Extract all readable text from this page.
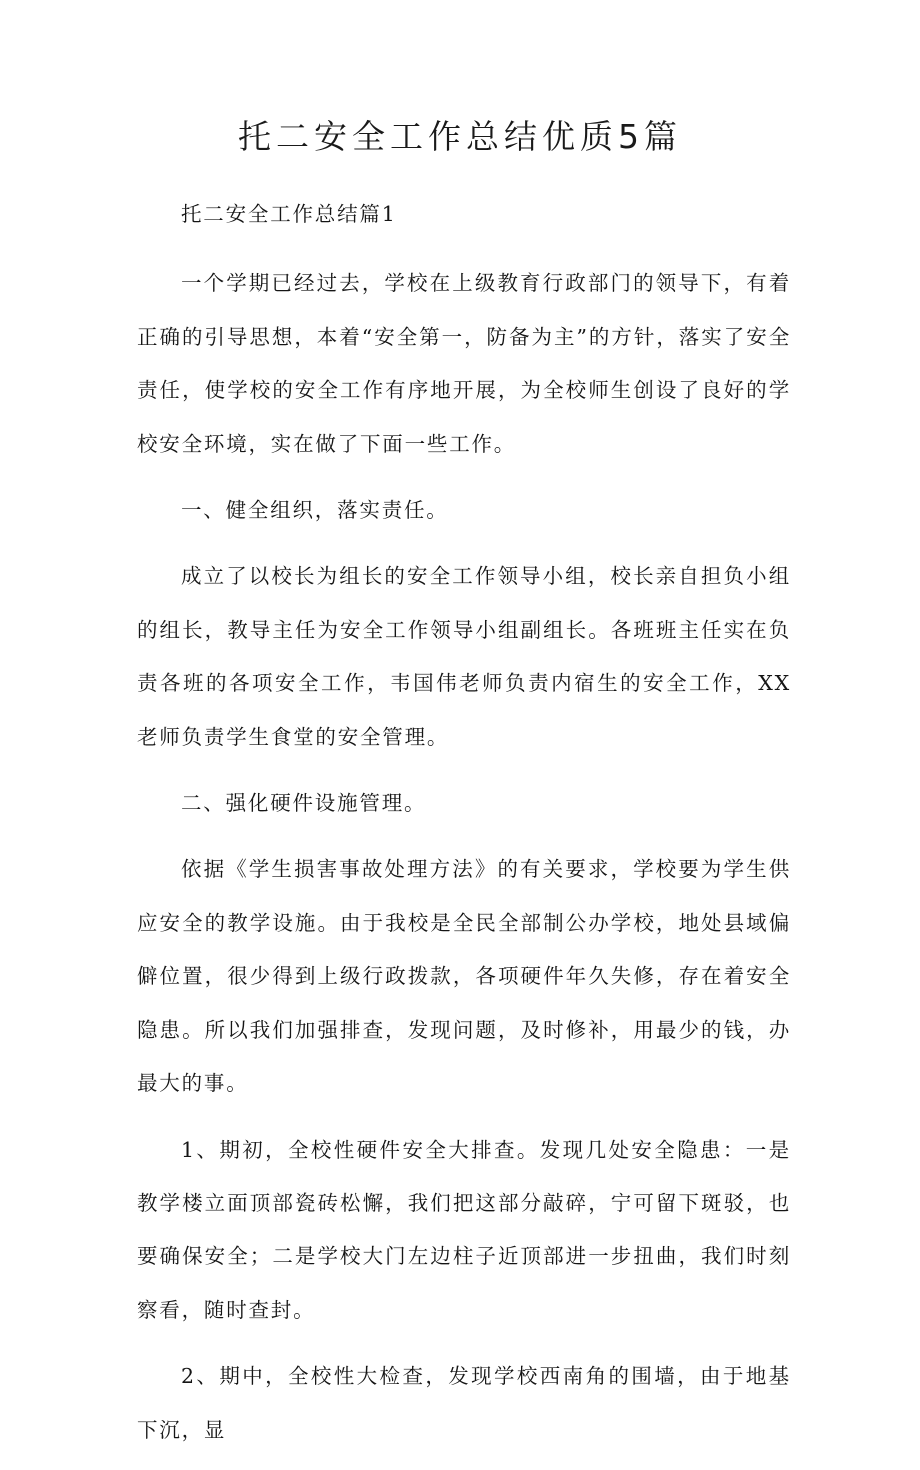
托二安全工作总结优质5篇

托二安全工作总结篇1

一个学期已经过去，学校在上级教育行政部门的领导下，有着正确的引导思想，本着“安全第一，防备为主”的方针，落实了安全责任，使学校的安全工作有序地开展，为全校师生创设了良好的学校安全环境，实在做了下面一些工作。

一、健全组织，落实责任。

成立了以校长为组长的安全工作领导小组，校长亲自担负小组的组长，教导主任为安全工作领导小组副组长。各班班主任实在负责各班的各项安全工作，韦国伟老师负责内宿生的安全工作，XX老师负责学生食堂的安全管理。

二、强化硬件设施管理。

依据《学生损害事故处理方法》的有关要求，学校要为学生供应安全的教学设施。由于我校是全民全部制公办学校，地处县域偏僻位置，很少得到上级行政拨款，各项硬件年久失修，存在着安全隐患。所以我们加强排查，发现问题，及时修补，用最少的钱，办最大的事。

1、期初，全校性硬件安全大排查。发现几处安全隐患：一是教学楼立面顶部瓷砖松懈，我们把这部分敲碎，宁可留下斑驳，也要确保安全；二是学校大门左边柱子近顶部进一步扭曲，我们时刻察看，随时查封。

2、期中，全校性大检查，发现学校西南角的围墙，由于地基下沉，显
